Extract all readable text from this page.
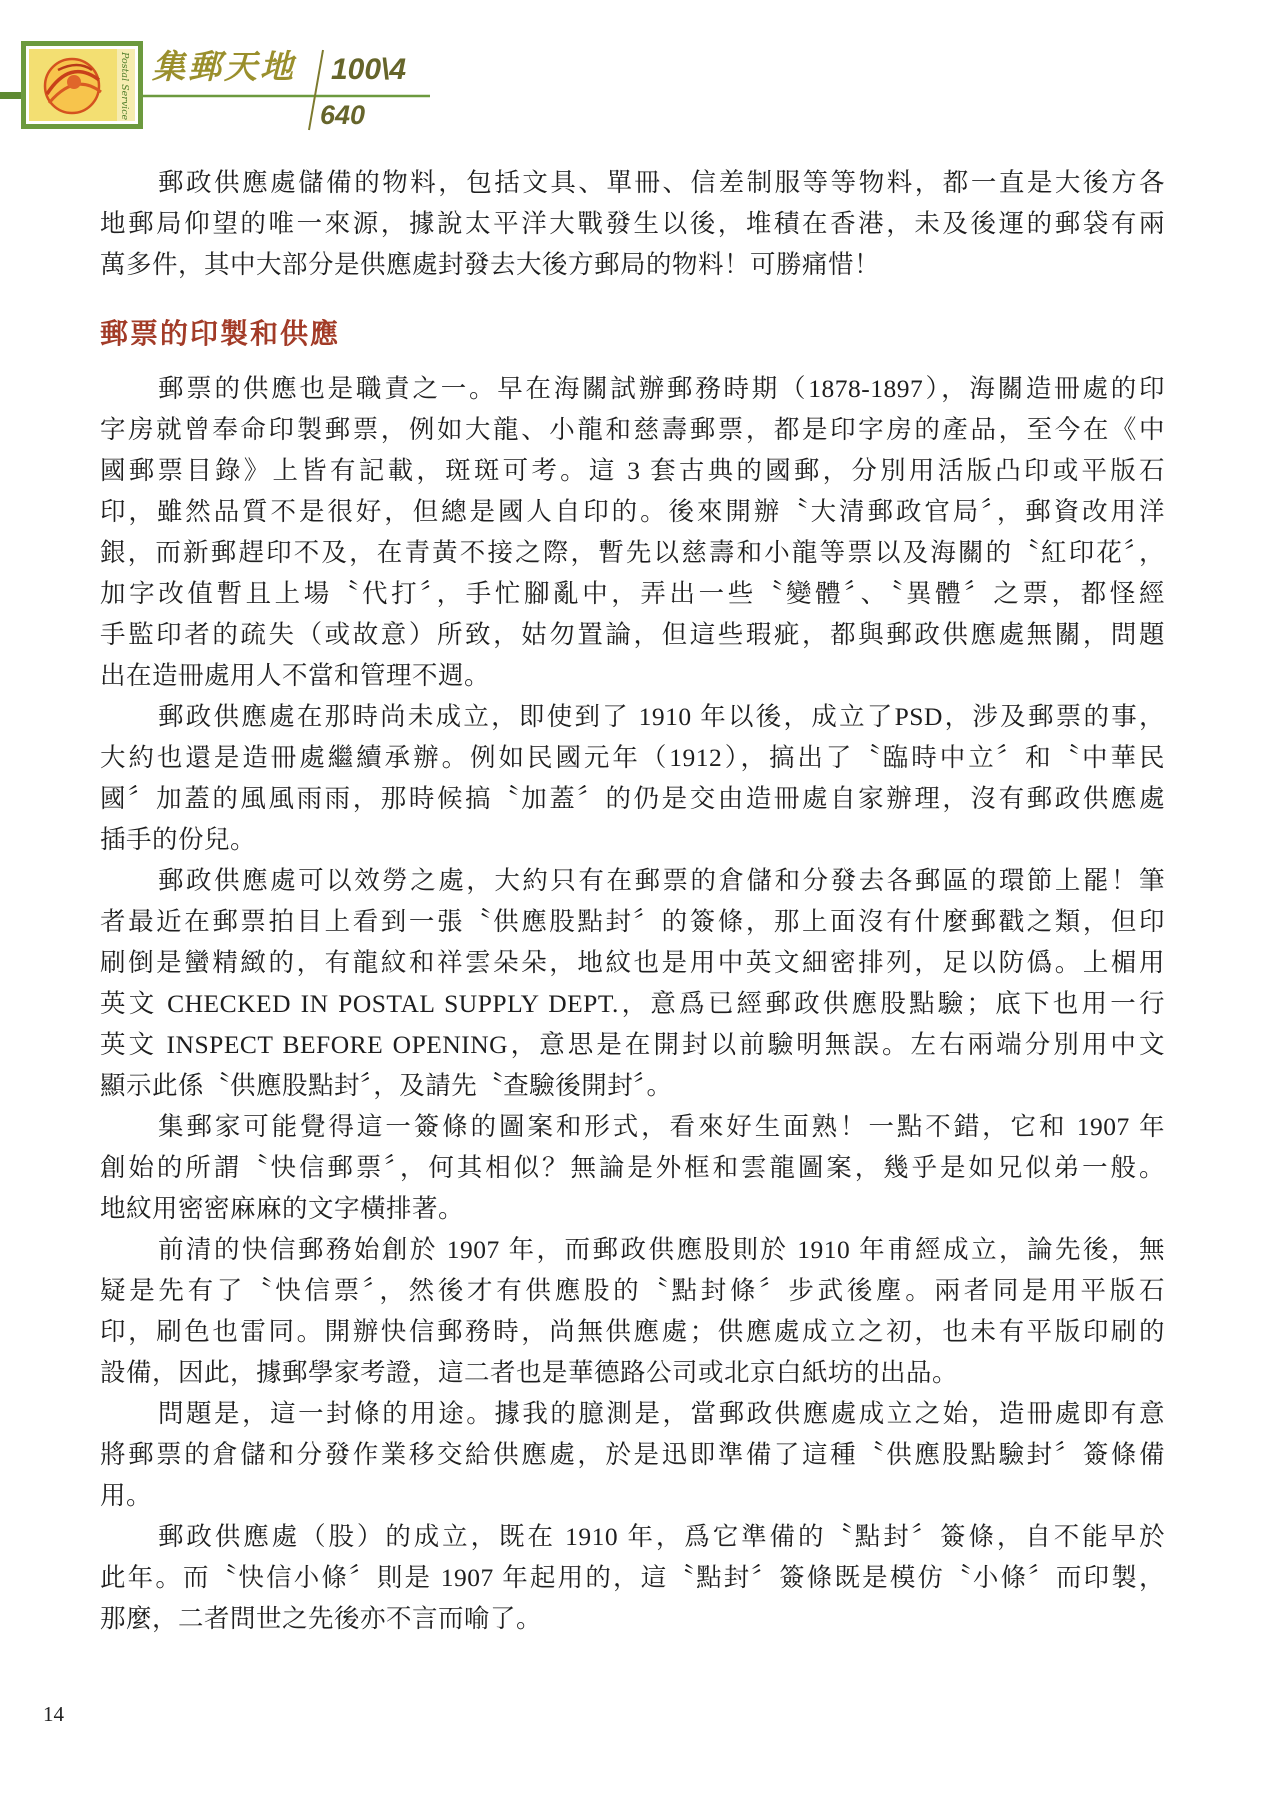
Postal Service 集郵天地 100\4
640
郵政供應處儲備的物料，包括文具、單冊、信差制服等等物料，都一直是大後方各
地郵局仰望的唯一來源，據說太平洋大戰發生以後，堆積在香港，未及後運的郵袋有兩
萬多件，其中大部分是供應處封發去大後方郵局的物料！可勝痛惜！
郵票的印製和供應
郵票的供應也是職責之一。早在海關試辦郵務時期（1878-1897），海關造冊處的印
字房就曾奉命印製郵票，例如大龍、小龍和慈壽郵票，都是印字房的產品，至今在《中
國郵票目錄》上皆有記載，斑斑可考。這 3 套古典的國郵，分別用活版凸印或平版石
印，雖然品質不是很好，但總是國人自印的。後來開辦〝大清郵政官局〞，郵資改用洋
銀，而新郵趕印不及，在青黃不接之際，暫先以慈壽和小龍等票以及海關的〝紅印花〞，
加字改值暫且上場〝代打〞，手忙腳亂中，弄出一些〝變體〞、〝異體〞之票，都怪經
手監印者的疏失（或故意）所致，姑勿置論，但這些瑕疵，都與郵政供應處無關，問題
出在造冊處用人不當和管理不週。
郵政供應處在那時尚未成立，即使到了 1910 年以後，成立了PSD，涉及郵票的事，
大約也還是造冊處繼續承辦。例如民國元年（1912），搞出了〝臨時中立〞和〝中華民
國〞加蓋的風風雨雨，那時候搞〝加蓋〞的仍是交由造冊處自家辦理，沒有郵政供應處
插手的份兒。
郵政供應處可以效勞之處，大約只有在郵票的倉儲和分發去各郵區的環節上罷！筆
者最近在郵票拍目上看到一張〝供應股點封〞的簽條，那上面沒有什麼郵戳之類，但印
刷倒是蠻精緻的，有龍紋和祥雲朵朵，地紋也是用中英文細密排列，足以防僞。上楣用
英文 CHECKED IN POSTAL SUPPLY DEPT.，意爲已經郵政供應股點驗；底下也用一行
英文 INSPECT BEFORE OPENING，意思是在開封以前驗明無誤。左右兩端分別用中文
顯示此係〝供應股點封〞，及請先〝查驗後開封〞。
集郵家可能覺得這一簽條的圖案和形式，看來好生面熟！一點不錯，它和 1907 年
創始的所謂〝快信郵票〞，何其相似？無論是外框和雲龍圖案，幾乎是如兄似弟一般。
地紋用密密麻麻的文字橫排著。
前清的快信郵務始創於 1907 年，而郵政供應股則於 1910 年甫經成立，論先後，無
疑是先有了〝快信票〞，然後才有供應股的〝點封條〞步武後塵。兩者同是用平版石
印，刷色也雷同。開辦快信郵務時，尚無供應處；供應處成立之初，也未有平版印刷的
設備，因此，據郵學家考證，這二者也是華德路公司或北京白紙坊的出品。
問題是，這一封條的用途。據我的臆測是，當郵政供應處成立之始，造冊處即有意
將郵票的倉儲和分發作業移交給供應處，於是迅即準備了這種〝供應股點驗封〞簽條備
用。
郵政供應處（股）的成立，既在 1910 年，爲它準備的〝點封〞簽條，自不能早於
此年。而〝快信小條〞則是 1907 年起用的，這〝點封〞簽條既是模仿〝小條〞而印製，
那麼，二者問世之先後亦不言而喻了。
14
